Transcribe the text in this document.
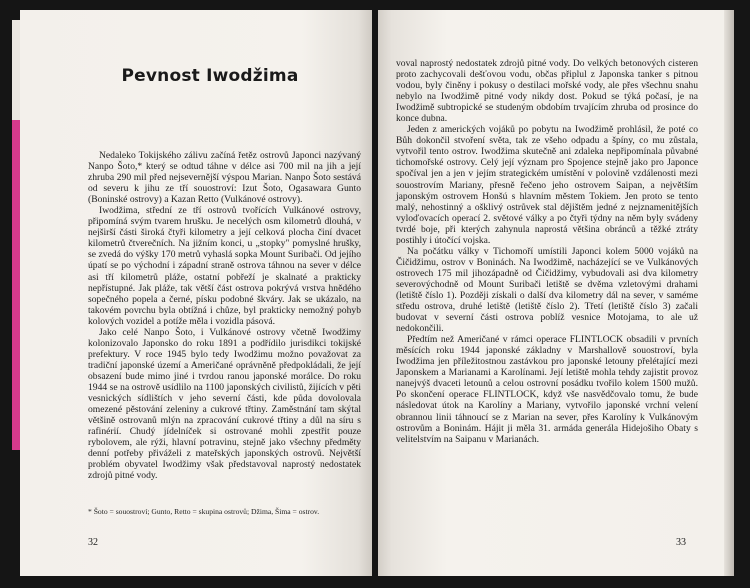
Pevnost Iwodžima

Nedaleko Tokijského zálivu začíná řetěz ostrovů Japonci nazývaný Nanpo Šoto,* který se odtud táhne v délce asi 700 mil na jih a její zhruba 290 mil před nejsevernější výspou Marian. Nanpo Šoto sestává od severu k jihu ze tří souostroví: Izut Šoto, Ogasawara Gunto (Boninské ostrovy) a Kazan Retto (Vulkánové ostrovy).

Iwodžima, střední ze tří ostrovů tvořících Vulkánové ostrovy, připomíná svým tvarem hrušku. Je necelých osm kilometrů dlouhá, v nejširší části široká čtyři kilometry a její celková plocha činí dvacet kilometrů čtverečních. Na jižním konci, u „stopky" pomyslné hrušky, se zvedá do výšky 170 metrů vyhaslá sopka Mount Suribači. Od jejího úpatí se po východní i západní straně ostrova táhnou na sever v délce asi tří kilometrů pláže, ostatní pobřeží je skalnaté a prakticky nepřístupné. Jak pláže, tak větší část ostrova pokrývá vrstva hnědého sopečného popela a černé, písku podobné škváry. Jak se ukázalo, na takovém povrchu byla obtížná i chůze, byl prakticky nemožný pohyb kolových vozidel a potíže měla i vozidla pásová.

Jako celé Nanpo Šoto, i Vulkánové ostrovy včetně Iwodžimy kolonizovalo Japonsko do roku 1891 a podřídilo jurisdikci tokijské prefektury. V roce 1945 bylo tedy Iwodžimu možno považovat za tradiční japonské území a Američané oprávněně předpokládali, že její obsazení bude mimo jiné i tvrdou ranou japonské morálce. Do roku 1944 se na ostrově usídlilo na 1100 japonských civilistů, žijících v pěti vesnických sídlištích v jeho severní části, kde půda dovolovala omezené pěstování zeleniny a cukrové třtiny. Zaměstnání tam skýtal většině ostrovanů mlýn na zpracování cukrové třtiny a důl na síru s rafinérií. Chudý jídelníček si ostrované mohli zpestřit pouze rybolovem, ale rýži, hlavní potravinu, stejně jako všechny předměty denní potřeby přiváželi z mateřských japonských ostrovů. Největší problém obyvatel Iwodžimy však představoval naprostý nedostatek zdrojů pitné vody.

* Šoto = souostroví; Gunto, Retto = skupina ostrovů; Džima, Šima = ostrov.
32

voval naprostý nedostatek zdrojů pitné vody. Do velkých betonových cisteren proto zachycovali dešťovou vodu, občas připlul z Japonska tanker s pitnou vodou, byly činěny i pokusy o destilaci mořské vody, ale přes všechnu snahu nebylo na Iwodžimě pitné vody nikdy dost. Pokud se týká počasí, je na Iwodžimě subtropické se studeným obdobím trvajícím zhruba od prosince do konce dubna.

Jeden z amerických vojáků po pobytu na Iwodžimě prohlásil, že poté co Bůh dokončil stvoření světa, tak ze všeho odpadu a špíny, co mu zůstala, vytvořil tento ostrov. Iwodžima skutečně ani zdaleka nepřipomínala půvabné tichomořské ostrovy. Celý její význam pro Spojence stejně jako pro Japonce spočíval jen a jen v jejím strategickém umístění v polovině vzdálenosti mezi souostrovím Mariany, přesně řečeno jeho ostrovem Saipan, a největším japonským ostrovem Honšú s hlavním městem Tokiem. Jen proto se tento malý, nehostinný a ošklivý ostrůvek stal dějištěm jedné z nejznamenitějších vyloďovacích operací 2. světové války a po čtyři týdny na něm byly svádeny tvrdé boje, při kterých zahynula naprostá většina obránců a těžké ztráty postihly i útočící vojska.

Na počátku války v Tichomoří umístili Japonci kolem 5000 vojáků na Čičidžimu, ostrov v Boninách. Na Iwodžimě, nacházející se ve Vulkánových ostrovech 175 mil jihozápadně od Čičidžimy, vybudovali asi dva kilometry severovýchodně od Mount Suribači letiště se dvěma vzletovými drahami (letiště číslo 1). Později získali o další dva kilometry dál na sever, v saméme středu ostrova, druhé letiště (letiště číslo 2). Třetí (letiště číslo 3) začali budovat v severní části ostrova poblíž vesnice Motojama, to ale už nedokončili.

Předtím než Američané v rámci operace FLINTLOCK obsadili v prvních měsících roku 1944 japonské základny v Marshallově souostroví, byla Iwodžima jen příležitostnou zastávkou pro japonské letouny přelétající mezi Japonskem a Marianami a Karolínami. Její letiště mohla tehdy zajistit provoz nanejvýš dvaceti letounů a celou ostrovní posádku tvořilo kolem 1500 mužů. Po skončení operace FLINTLOCK, když vše nasvědčovalo tomu, že bude následovat útok na Karolíny a Mariany, vytvořilo japonské vrchní velení obrannou linii táhnoucí se z Marian na sever, přes Karolíny k Vulkánovým ostrovům a Boninám. Hájit ji měla 31. armáda generála Hidejošiho Obaty s velitelstvím na Saipanu v Marianách.

33
